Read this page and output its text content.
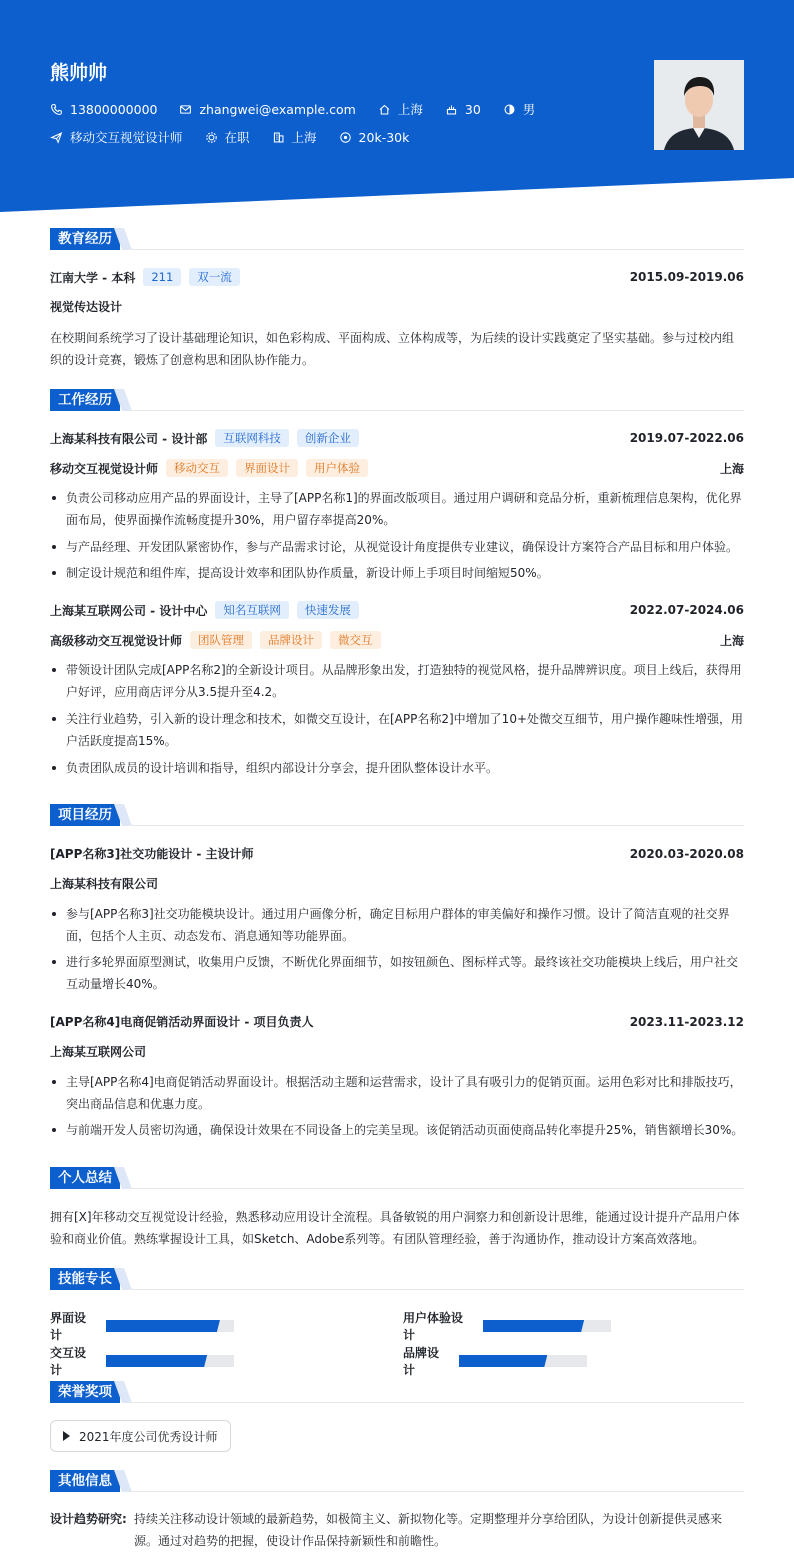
熊帅帅
13800000000	zhangwei@example.com	上海	30	男
移动交互视觉设计师	在职	上海	20k-30k
教育经历
江南大学 - 本科	211	双一流	2015.09-2019.06
视觉传达设计
在校期间系统学习了设计基础理论知识，如色彩构成、平面构成、立体构成等，为后续的设计实践奠定了坚实基础。参与过校内组织的设计竞赛，锻炼了创意构思和团队协作能力。
工作经历
上海某科技有限公司 - 设计部	互联网科技	创新企业	2019.07-2022.06
移动交互视觉设计师	移动交互	界面设计	用户体验	上海
负责公司移动应用产品的界面设计，主导了[APP名称1]的界面改版项目。通过用户调研和竞品分析，重新梳理信息架构，优化界面布局，使界面操作流畅度提升30%，用户留存率提高20%。
与产品经理、开发团队紧密协作，参与产品需求讨论，从视觉设计角度提供专业建议，确保设计方案符合产品目标和用户体验。
制定设计规范和组件库，提高设计效率和团队协作质量，新设计师上手项目时间缩短50%。
上海某互联网公司 - 设计中心	知名互联网	快速发展	2022.07-2024.06
高级移动交互视觉设计师	团队管理	品牌设计	微交互	上海
带领设计团队完成[APP名称2]的全新设计项目。从品牌形象出发，打造独特的视觉风格，提升品牌辨识度。项目上线后，获得用户好评，应用商店评分从3.5提升至4.2。
关注行业趋势，引入新的设计理念和技术，如微交互设计，在[APP名称2]中增加了10+处微交互细节，用户操作趣味性增强，用户活跃度提高15%。
负责团队成员的设计培训和指导，组织内部设计分享会，提升团队整体设计水平。
项目经历
[APP名称3]社交功能设计 - 主设计师	2020.03-2020.08
上海某科技有限公司
参与[APP名称3]社交功能模块设计。通过用户画像分析，确定目标用户群体的审美偏好和操作习惯。设计了简洁直观的社交界面，包括个人主页、动态发布、消息通知等功能界面。
进行多轮界面原型测试，收集用户反馈，不断优化界面细节，如按钮颜色、图标样式等。最终该社交功能模块上线后，用户社交互动量增长40%。
[APP名称4]电商促销活动界面设计 - 项目负责人	2023.11-2023.12
上海某互联网公司
主导[APP名称4]电商促销活动界面设计。根据活动主题和运营需求，设计了具有吸引力的促销页面。运用色彩对比和排版技巧，突出商品信息和优惠力度。
与前端开发人员密切沟通，确保设计效果在不同设备上的完美呈现。该促销活动页面使商品转化率提升25%，销售额增长30%。
个人总结
拥有[X]年移动交互视觉设计经验，熟悉移动应用设计全流程。具备敏锐的用户洞察力和创新设计思维，能通过设计提升产品用户体验和商业价值。熟练掌握设计工具，如Sketch、Adobe系列等。有团队管理经验，善于沟通协作，推动设计方案高效落地。
技能专长
界面设计
用户体验设计
交互设计
品牌设计
荣誉奖项
2021年度公司优秀设计师
其他信息
设计趋势研究: 持续关注移动设计领域的最新趋势，如极简主义、新拟物化等。定期整理并分享给团队，为设计创新提供灵感来源。通过对趋势的把握，使设计作品保持新颖性和前瞻性。
